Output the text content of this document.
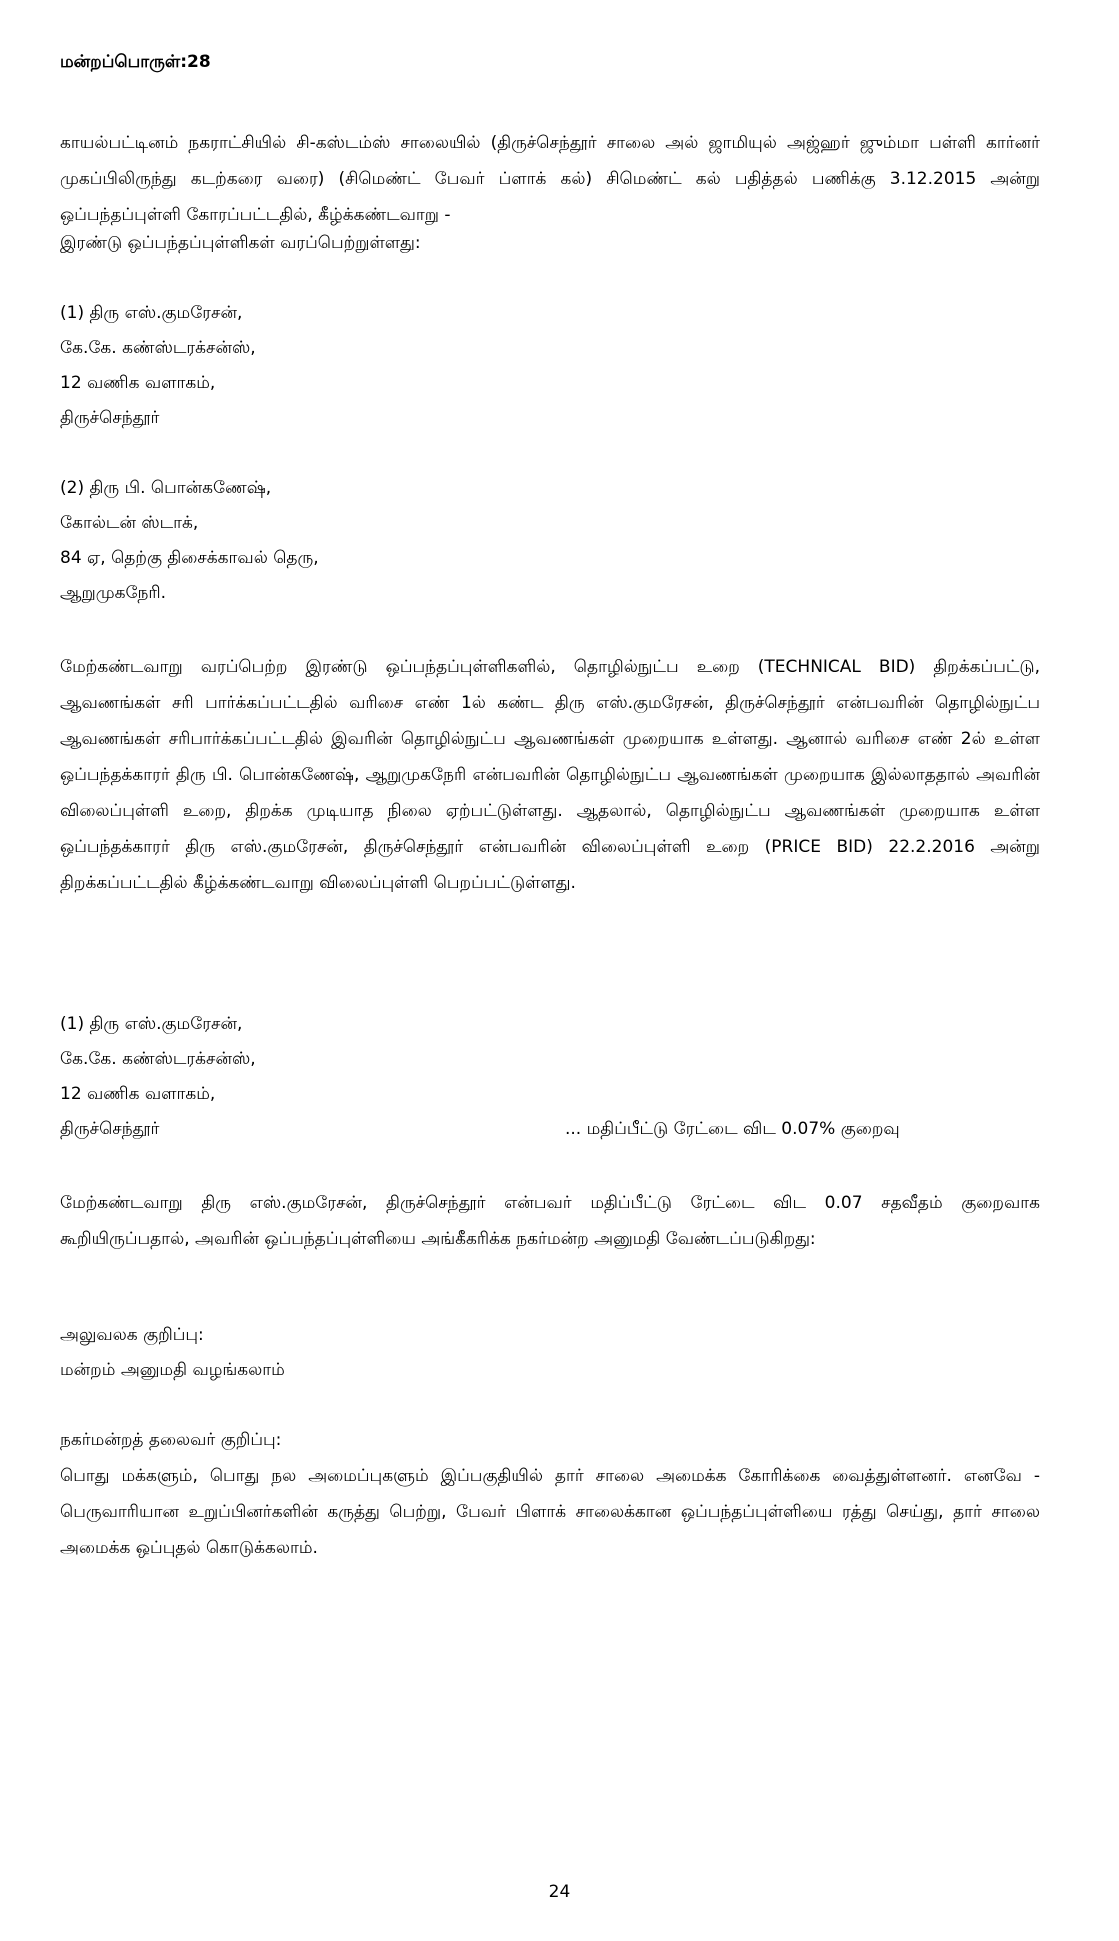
மன்றப்பொருள்:28
காயல்பட்டினம் நகராட்சியில் சி-கஸ்டம்ஸ் சாலையில் (திருச்செந்தூர் சாலை அல் ஜாமியுல் அஜ்ஹர் ஜும்மா பள்ளி கார்னர் முகப்பிலிருந்து கடற்கரை வரை) (சிமெண்ட் பேவர் ப்ளாக் கல்) சிமெண்ட் கல் பதித்தல் பணிக்கு 3.12.2015 அன்று ஒப்பந்தப்புள்ளி கோரப்பட்டதில், கீழ்க்கண்டவாறு -
இரண்டு ஒப்பந்தப்புள்ளிகள் வரப்பெற்றுள்ளது:
(1) திரு எஸ்.குமரேசன்,
கே.கே. கண்ஸ்டரக்சன்ஸ்,
12 வணிக வளாகம்,
திருச்செந்தூர்
(2) திரு பி. பொன்கணேஷ்,
கோல்டன் ஸ்டாக்,
84 ஏ, தெற்கு திசைக்காவல் தெரு,
ஆறுமுகநேரி.
மேற்கண்டவாறு வரப்பெற்ற இரண்டு ஒப்பந்தப்புள்ளிகளில், தொழில்நுட்ப உறை (TECHNICAL BID) திறக்கப்பட்டு, ஆவணங்கள் சரி பார்க்கப்பட்டதில் வரிசை எண் 1ல் கண்ட திரு எஸ்.குமரேசன், திருச்செந்தூர் என்பவரின் தொழில்நுட்ப ஆவணங்கள் சரிபார்க்கப்பட்டதில் இவரின் தொழில்நுட்ப ஆவணங்கள் முறையாக உள்ளது. ஆனால் வரிசை எண் 2ல் உள்ள ஒப்பந்தக்காரர் திரு பி. பொன்கணேஷ், ஆறுமுகநேரி என்பவரின் தொழில்நுட்ப ஆவணங்கள் முறையாக இல்லாததால் அவரின் விலைப்புள்ளி உறை, திறக்க முடியாத நிலை ஏற்பட்டுள்ளது. ஆதலால், தொழில்நுட்ப ஆவணங்கள் முறையாக உள்ள ஒப்பந்தக்காரர் திரு எஸ்.குமரேசன், திருச்செந்தூர் என்பவரின் விலைப்புள்ளி உறை (PRICE BID) 22.2.2016 அன்று திறக்கப்பட்டதில் கீழ்க்கண்டவாறு விலைப்புள்ளி பெறப்பட்டுள்ளது.
(1) திரு எஸ்.குமரேசன்,
கே.கே. கண்ஸ்டரக்சன்ஸ்,
12 வணிக வளாகம்,
திருச்செந்தூர்	... மதிப்பீட்டு ரேட்டை விட 0.07% குறைவு
மேற்கண்டவாறு திரு எஸ்.குமரேசன், திருச்செந்தூர் என்பவர் மதிப்பீட்டு ரேட்டை விட 0.07 சதவீதம் குறைவாக கூறியிருப்பதால், அவரின் ஒப்பந்தப்புள்ளியை அங்கீகரிக்க நகர்மன்ற அனுமதி வேண்டப்படுகிறது:
அலுவலக குறிப்பு:
மன்றம் அனுமதி வழங்கலாம்
நகர்மன்றத் தலைவர் குறிப்பு:
பொது மக்களும், பொது நல அமைப்புகளும் இப்பகுதியில் தார் சாலை அமைக்க கோரிக்கை வைத்துள்ளனர். எனவே - பெருவாரியான உறுப்பினர்களின் கருத்து பெற்று, பேவர் பிளாக் சாலைக்கான ஒப்பந்தப்புள்ளியை ரத்து செய்து, தார் சாலை அமைக்க ஒப்புதல் கொடுக்கலாம்.
24
